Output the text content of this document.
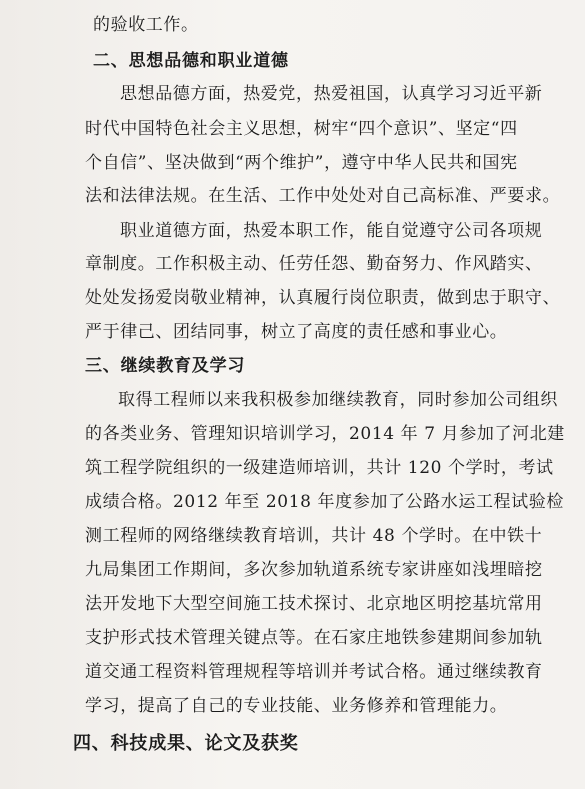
的验收工作。
二、思想品德和职业道德
思想品德方面，热爱党，热爱祖国，认真学习习近平新
时代中国特色社会主义思想，树牢“四个意识”、坚定“四
个自信”、坚决做到“两个维护”，遵守中华人民共和国宪
法和法律法规。在生活、工作中处处对自己高标准、严要求。
职业道德方面，热爱本职工作，能自觉遵守公司各项规
章制度。工作积极主动、任劳任怨、勤奋努力、作风踏实、
处处发扬爱岗敬业精神，认真履行岗位职责，做到忠于职守、
严于律己、团结同事，树立了高度的责任感和事业心。
三、继续教育及学习
取得工程师以来我积极参加继续教育，同时参加公司组织
的各类业务、管理知识培训学习，2014 年 7 月参加了河北建
筑工程学院组织的一级建造师培训，共计 120 个学时，考试
成绩合格。2012 年至 2018 年度参加了公路水运工程试验检
测工程师的网络继续教育培训，共计 48 个学时。在中铁十
九局集团工作期间，多次参加轨道系统专家讲座如浅埋暗挖
法开发地下大型空间施工技术探讨、北京地区明挖基坑常用
支护形式技术管理关键点等。在石家庄地铁参建期间参加轨
道交通工程资料管理规程等培训并考试合格。通过继续教育
学习，提高了自己的专业技能、业务修养和管理能力。
四、科技成果、论文及获奖
